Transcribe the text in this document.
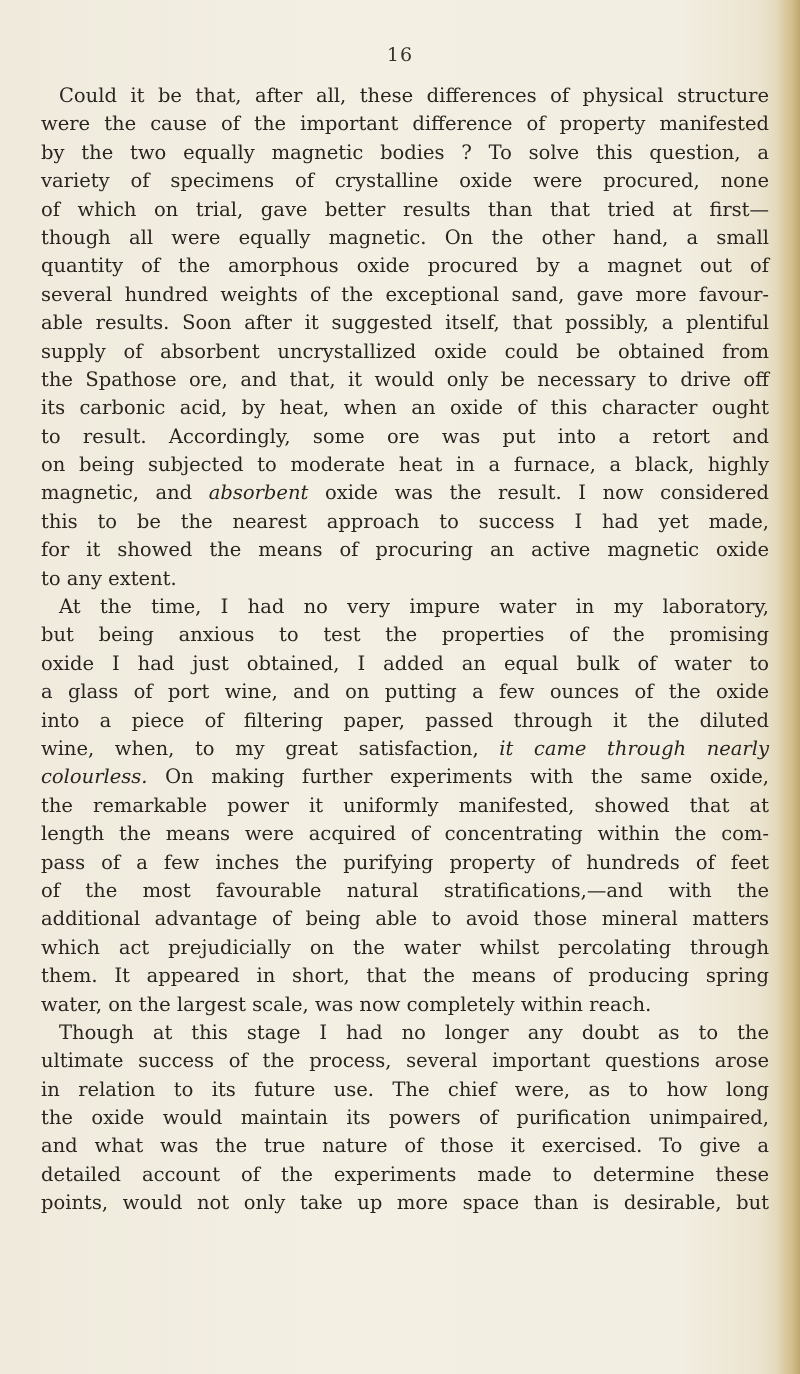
16
Could it be that, after all, these differences of physical structure
were the cause of the important difference of property manifested
by the two equally magnetic bodies ? To solve this question, a
variety of specimens of crystalline oxide were procured, none
of which on trial, gave better results than that tried at first—
though all were equally magnetic. On the other hand, a small
quantity of the amorphous oxide procured by a magnet out of
several hundred weights of the exceptional sand, gave more favour-
able results. Soon after it suggested itself, that possibly, a plentiful
supply of absorbent uncrystallized oxide could be obtained from
the Spathose ore, and that, it would only be necessary to drive off
its carbonic acid, by heat, when an oxide of this character ought
to result. Accordingly, some ore was put into a retort and
on being subjected to moderate heat in a furnace, a black, highly
magnetic, and absorbent oxide was the result. I now considered
this to be the nearest approach to success I had yet made,
for it showed the means of procuring an active magnetic oxide
to any extent.
At the time, I had no very impure water in my laboratory,
but being anxious to test the properties of the promising
oxide I had just obtained, I added an equal bulk of water to
a glass of port wine, and on putting a few ounces of the oxide
into a piece of filtering paper, passed through it the diluted
wine, when, to my great satisfaction, it came through nearly
colourless. On making further experiments with the same oxide,
the remarkable power it uniformly manifested, showed that at
length the means were acquired of concentrating within the com-
pass of a few inches the purifying property of hundreds of feet
of the most favourable natural stratifications,—and with the
additional advantage of being able to avoid those mineral matters
which act prejudicially on the water whilst percolating through
them. It appeared in short, that the means of producing spring
water, on the largest scale, was now completely within reach.
Though at this stage I had no longer any doubt as to the
ultimate success of the process, several important questions arose
in relation to its future use. The chief were, as to how long
the oxide would maintain its powers of purification unimpaired,
and what was the true nature of those it exercised. To give a
detailed account of the experiments made to determine these
points, would not only take up more space than is desirable, but
